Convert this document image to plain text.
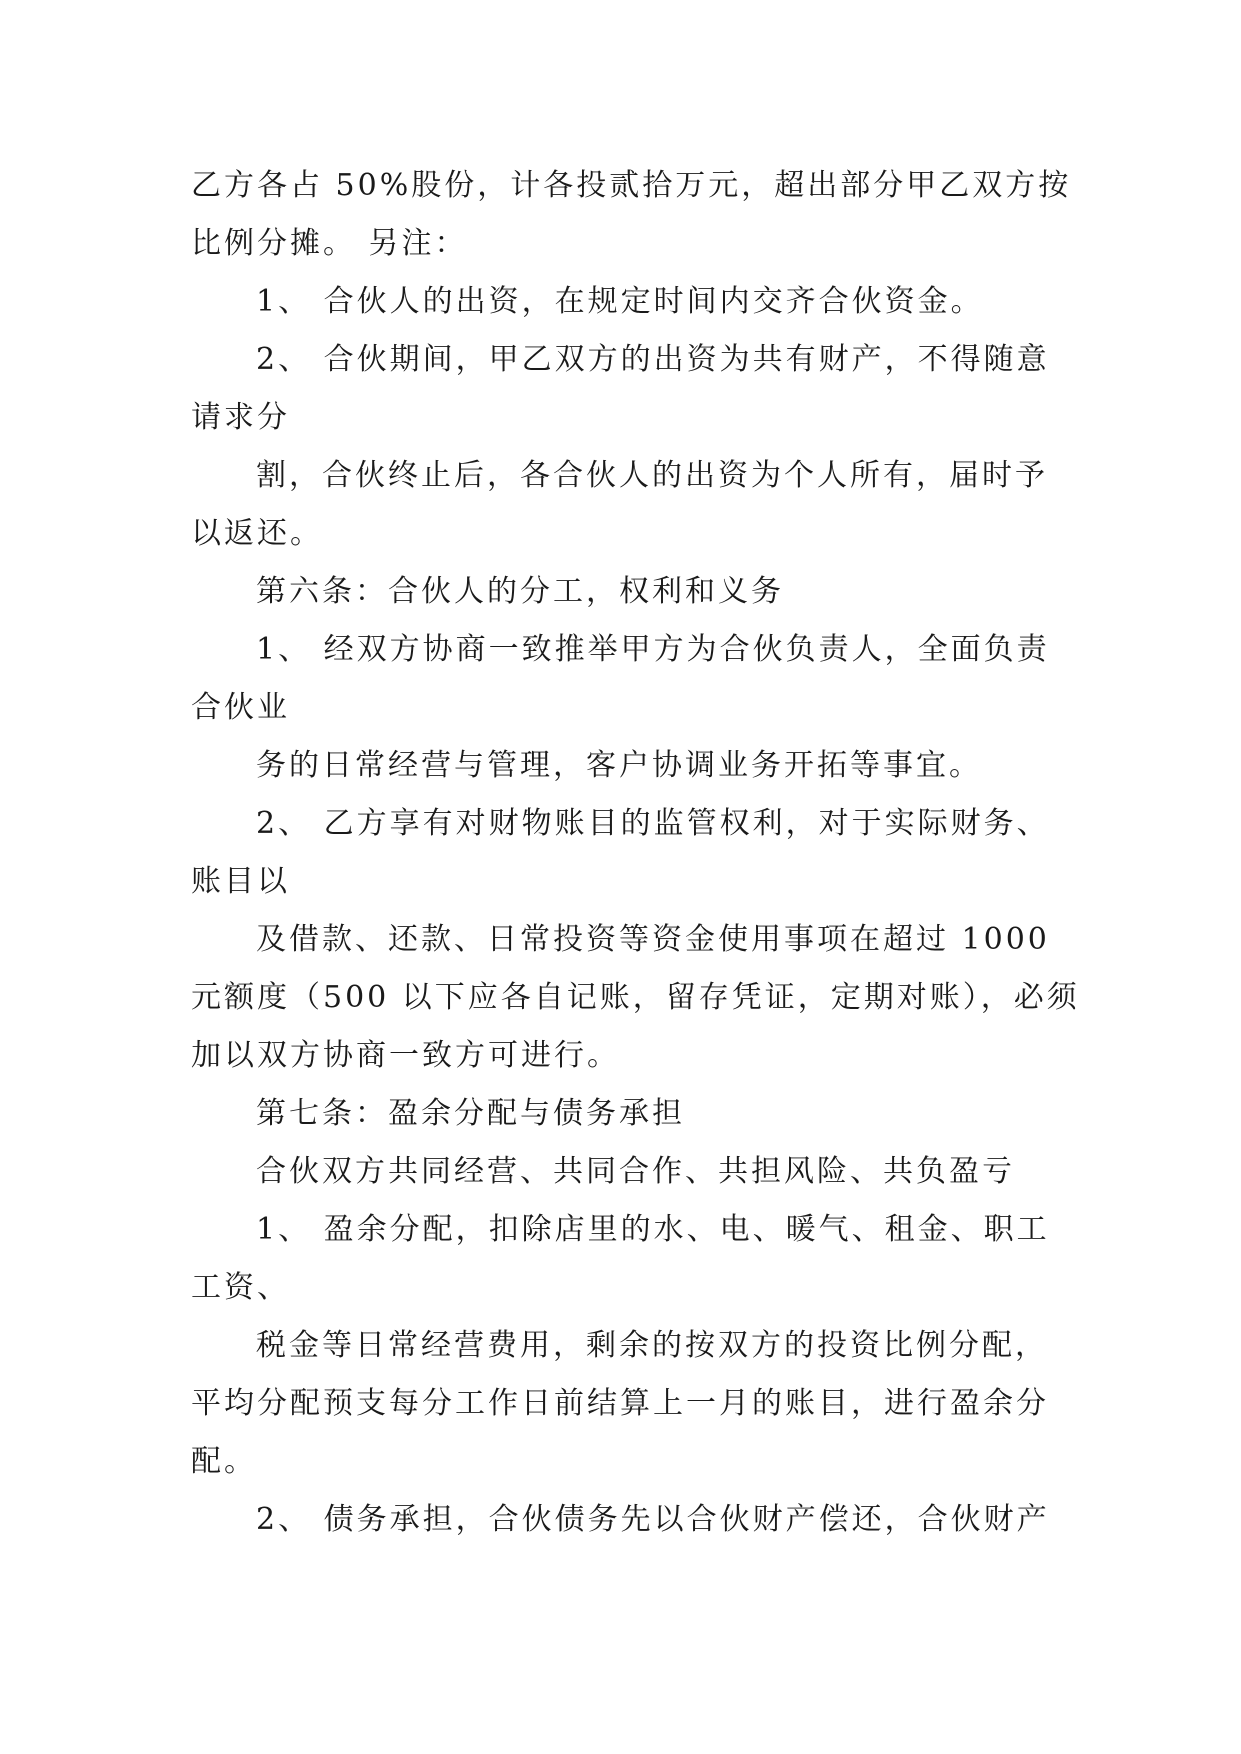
乙方各占 50%股份，计各投贰拾万元，超出部分甲乙双方按
比例分摊。 另注：
1、 合伙人的出资，在规定时间内交齐合伙资金。
2、 合伙期间，甲乙双方的出资为共有财产，不得随意
请求分
割，合伙终止后，各合伙人的出资为个人所有，届时予
以返还。
第六条：合伙人的分工，权利和义务
1、 经双方协商一致推举甲方为合伙负责人，全面负责
合伙业
务的日常经营与管理，客户协调业务开拓等事宜。
2、 乙方享有对财物账目的监管权利，对于实际财务、
账目以
及借款、还款、日常投资等资金使用事项在超过 1000
元额度（500 以下应各自记账，留存凭证，定期对账），必须
加以双方协商一致方可进行。
第七条：盈余分配与债务承担
合伙双方共同经营、共同合作、共担风险、共负盈亏
1、 盈余分配，扣除店里的水、电、暖气、租金、职工
工资、
税金等日常经营费用，剩余的按双方的投资比例分配，
平均分配预支每分工作日前结算上一月的账目，进行盈余分
配。
2、 债务承担，合伙债务先以合伙财产偿还，合伙财产
